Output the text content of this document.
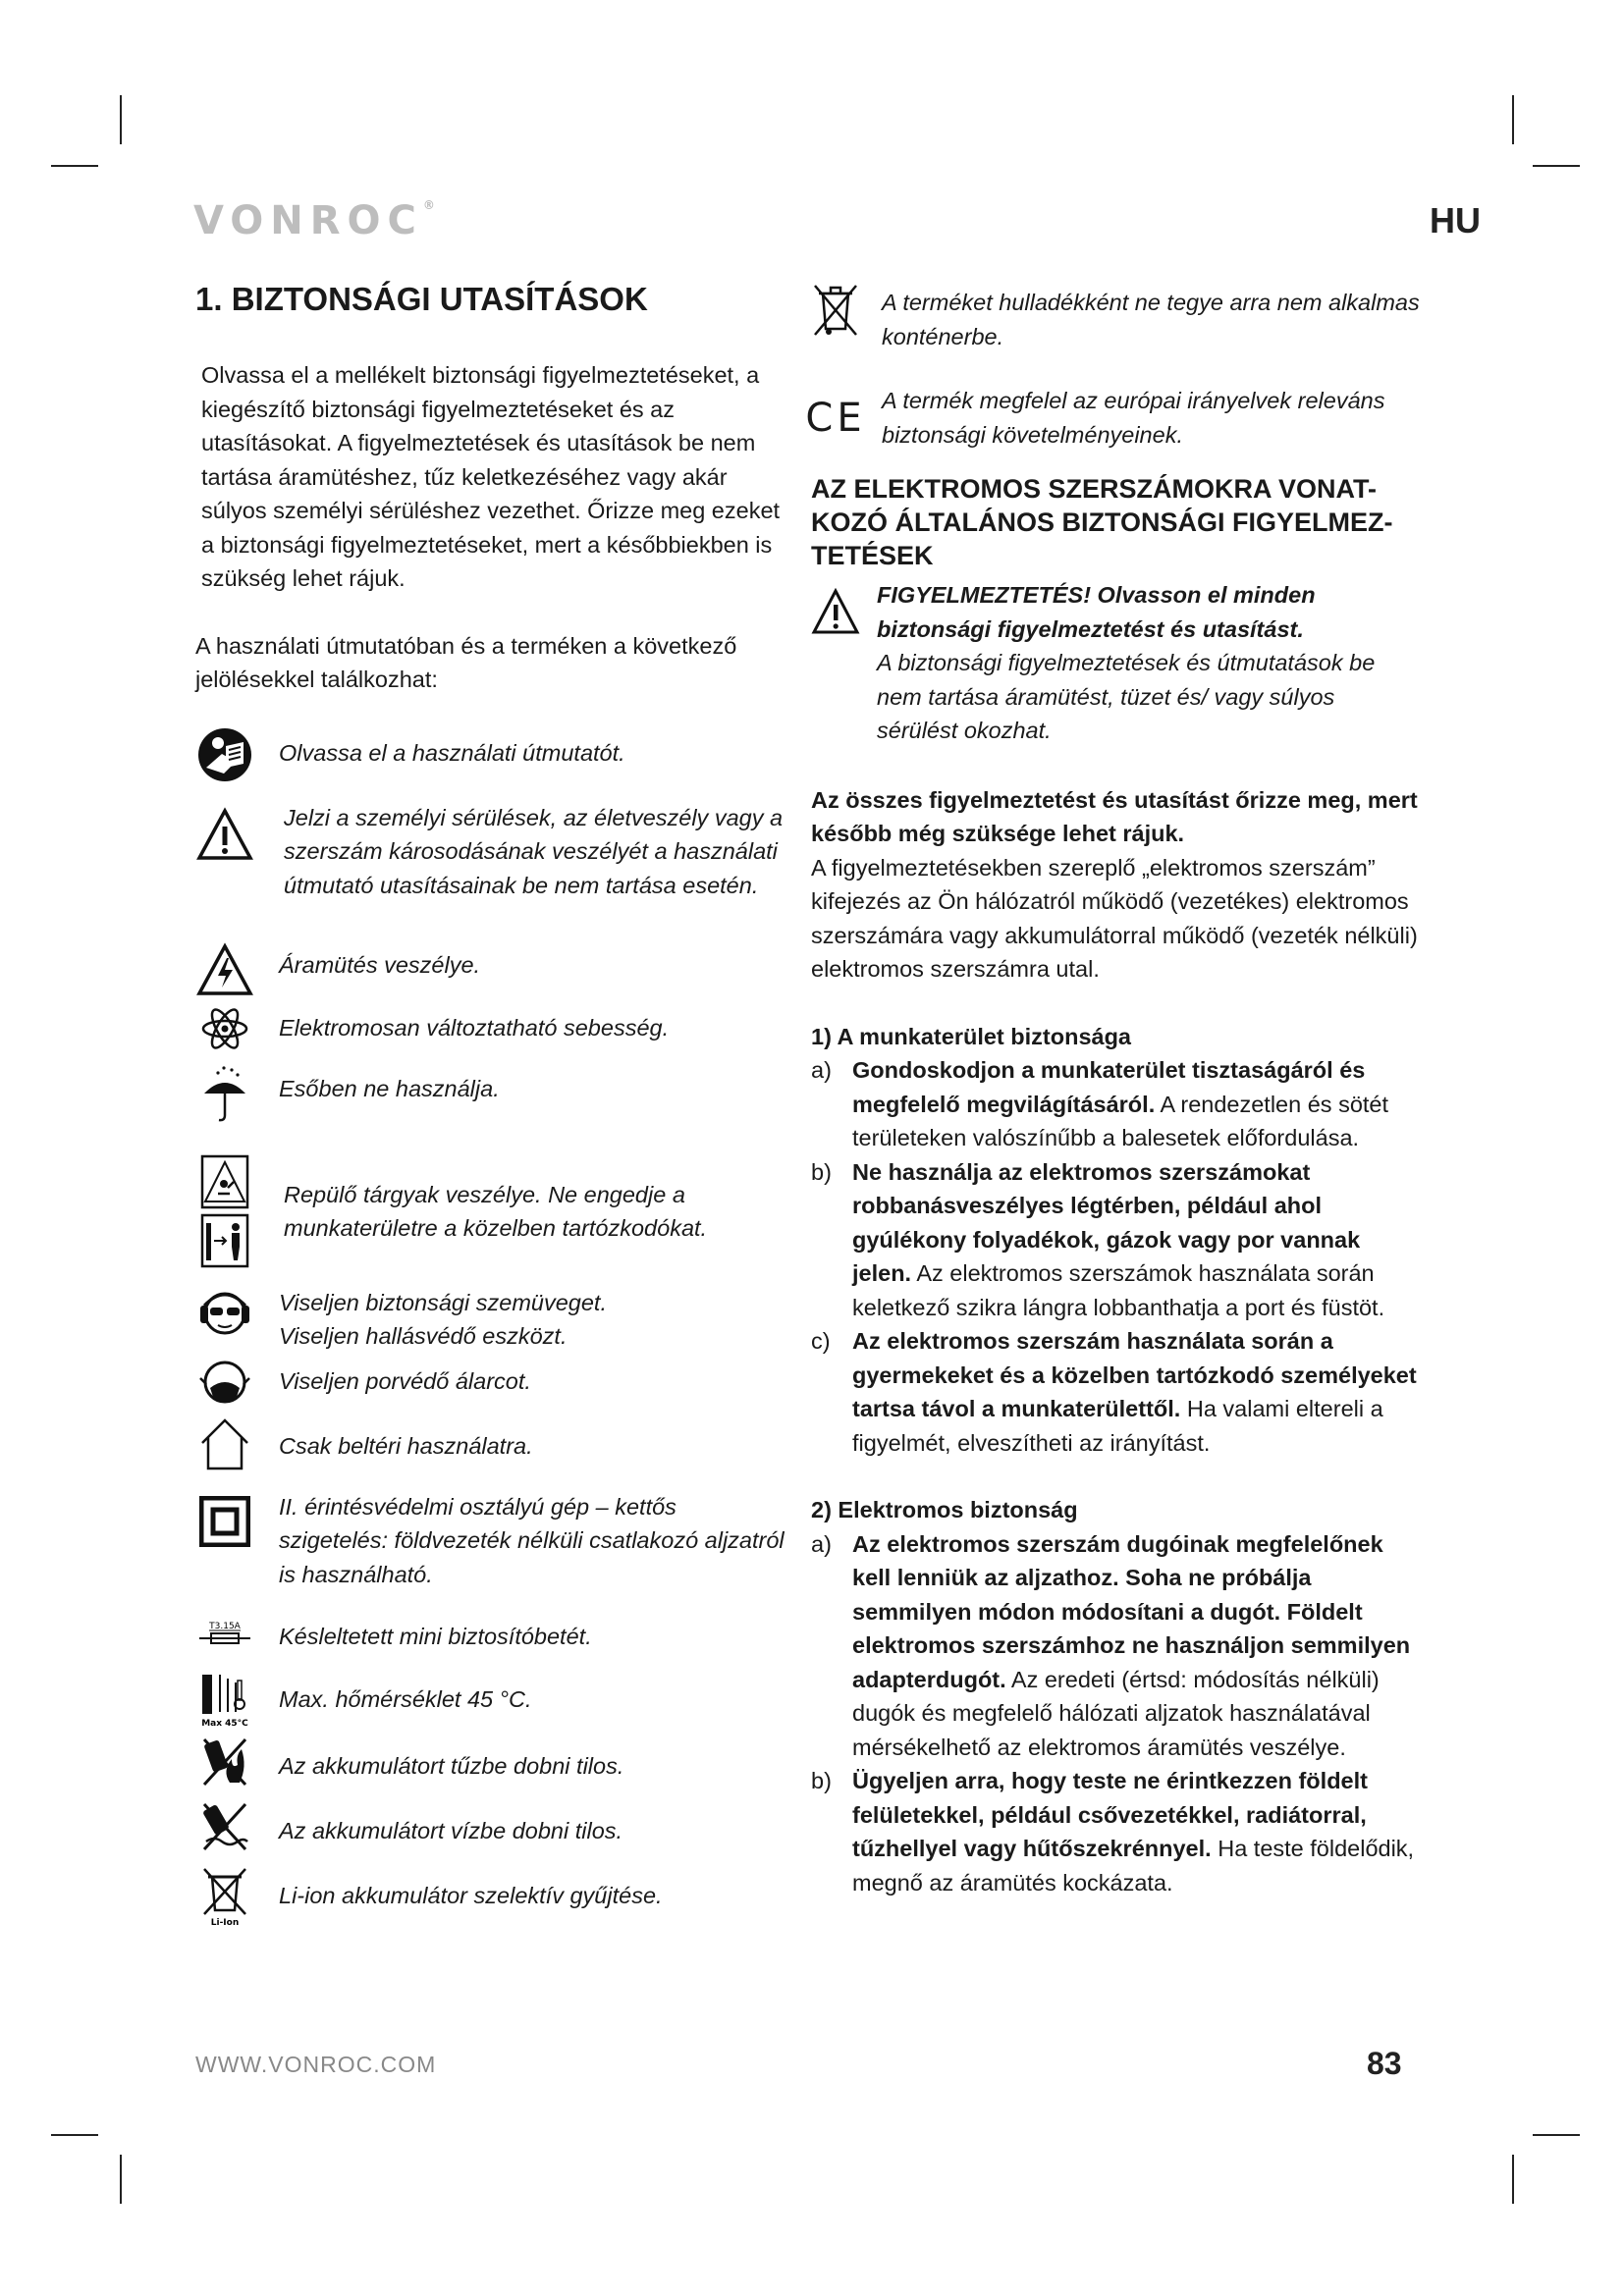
VONROC®	HU
1. BIZTONSÁGI UTASÍTÁSOK

Olvassa el a mellékelt biztonsági figyelmeztetéseket, a kiegészítő biztonsági figyelmeztetéseket és az utasításokat. A figyelmeztetések és utasítások be nem tartása áramütéshez, tűz keletkezéséhez vagy akár súlyos személyi sérüléshez vezethet. Őrizze meg ezeket a biztonsági figyelmeztetéseket, mert a későbbiekben is szükség lehet rájuk.

A használati útmutatóban és a terméken a következő jelölésekkel találkozhat:

Olvassa el a használati útmutatót.
Jelzi a személyi sérülések, az életveszély vagy a szerszám károsodásának veszélyét a használati útmutató utasításainak be nem tartása esetén.
Áramütés veszélye.
Elektromosan változtatható sebesség.
Esőben ne használja.
Repülő tárgyak veszélye. Ne engedje a munkaterületre a közelben tartózkodókat.
Viseljen biztonsági szemüveget.
Viseljen hallásvédő eszközt.
Viseljen porvédő álarcot.
Csak beltéri használatra.
II. érintésvédelmi osztályú gép – kettős szigetelés: földvezeték nélküli csatlakozó aljzatról is használható.
T3.15A	Késleltetett mini biztosítóbetét.
Max 45°C
Max. hőmérséklet 45 °C.
Az akkumulátort tűzbe dobni tilos.
Az akkumulátort vízbe dobni tilos.
Li-Ion
Li-ion akkumulátor szelektív gyűjtése.
A terméket hulladékként ne tegye arra nem alkalmas konténerbe.
CE A termék megfelel az európai irányelvek releváns biztonsági követelményeinek.

AZ ELEKTROMOS SZERSZÁMOKRA VONAT-KOZÓ ÁLTALÁNOS BIZTONSÁGI FIGYELMEZ-TETÉSEK

FIGYELMEZTETÉS! Olvasson el minden biztonsági figyelmeztetést és utasítást.
A biztonsági figyelmeztetések és útmutatások be nem tartása áramütést, tüzet és/ vagy súlyos sérülést okozhat.

Az összes figyelmeztetést és utasítást őrizze meg, mert később még szüksége lehet rájuk.

A figyelmeztetésekben szereplő „elektromos szerszám” kifejezés az Ön hálózatról működő (vezetékes) elektromos szerszámára vagy akkumulátorral működő (vezeték nélküli) elektromos szerszámra utal.

1) A munkaterület biztonsága

a) Gondoskodjon a munkaterület tisztaságáról és megfelelő megvilágításáról. A rendezetlen és sötét területeken valószínűbb a balesetek előfordulása.
b) Ne használja az elektromos szerszámokat robbanásveszélyes légtérben, például ahol gyúlékony folyadékok, gázok vagy por vannak jelen. Az elektromos szerszámok használata során keletkező szikra lángra lobbanthatja a port és füstöt.
c) Az elektromos szerszám használata során a gyermekeket és a közelben tartózkodó személyeket tartsa távol a munkaterülettől. Ha valami eltereli a figyelmét, elveszítheti az irányítást.

2) Elektromos biztonság

a) Az elektromos szerszám dugóinak megfelelőnek kell lenniük az aljzathoz. Soha ne próbálja semmilyen módon módosítani a dugót. Földelt elektromos szerszámhoz ne használjon semmilyen adapterdugót. Az eredeti (értsd: módosítás nélküli) dugók és megfelelő hálózati aljzatok használatával mérsékelhető az elektromos áramütés veszélye.
b) Ügyeljen arra, hogy teste ne érintkezzen földelt felületekkel, például csővezetékkel, radiátorral, tűzhellyel vagy hűtőszekrénnyel. Ha teste földelődik, megnő az áramütés kockázata.
WWW.VONROC.COM	83
